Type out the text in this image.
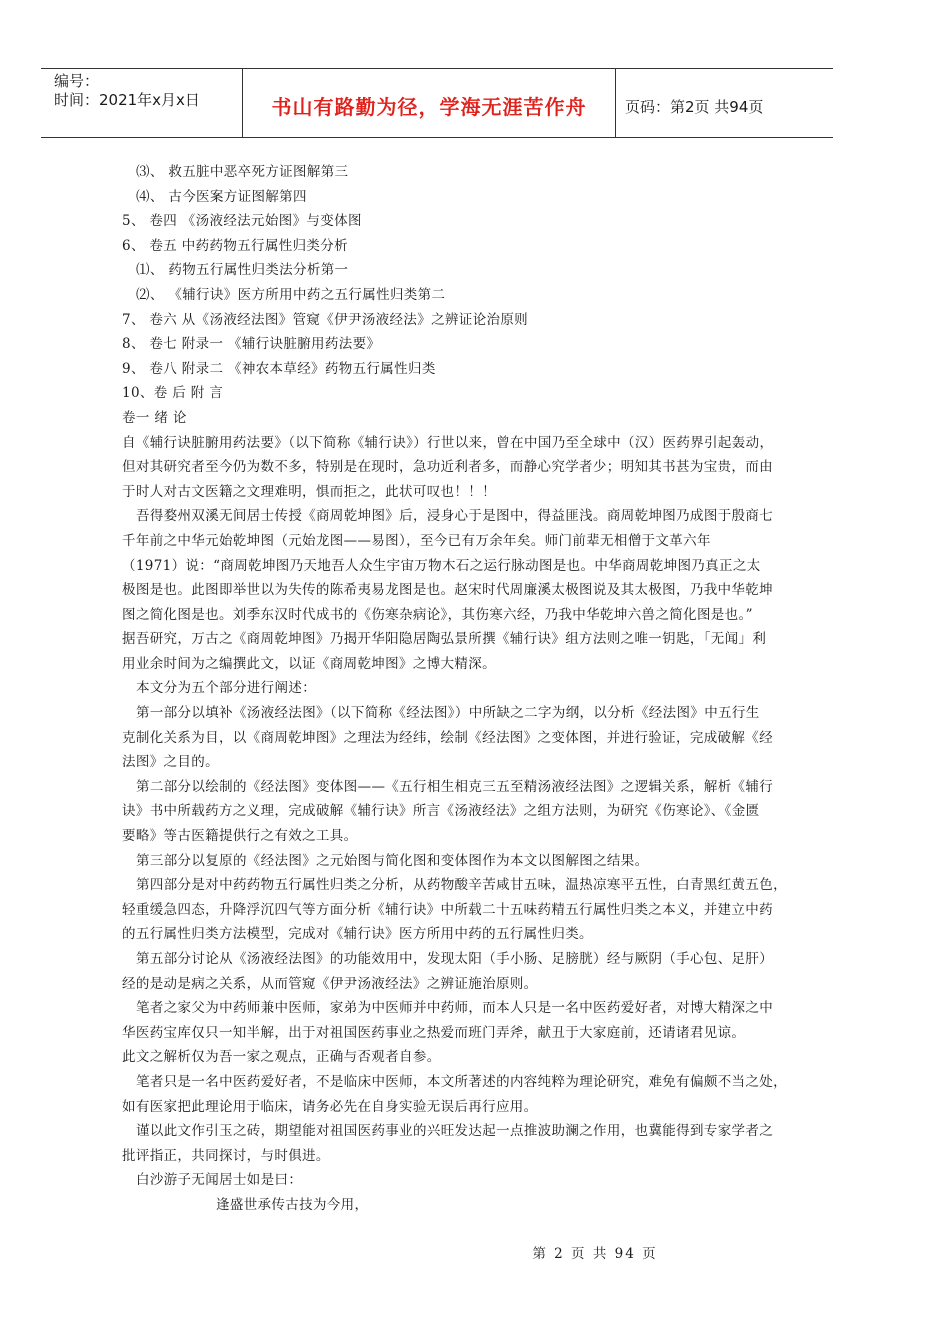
编号：
时间：2021年x月x日	书山有路勤为径，学海无涯苦作舟	页码：第2页 共94页
⑶、 救五脏中恶卒死方证图解第三
⑷、 古今医案方证图解第四
5、 卷四 《汤液经法元始图》与变体图
6、 卷五 中药药物五行属性归类分析
⑴、 药物五行属性归类法分析第一
⑵、 《辅行诀》医方所用中药之五行属性归类第二
7、 卷六 从《汤液经法图》管窥《伊尹汤液经法》之辨证论治原则
8、 卷七 附录一 《辅行诀脏腑用药法要》
9、 卷八 附录二 《神农本草经》药物五行属性归类
10、卷 后 附 言
卷一 绪 论
自《辅行诀脏腑用药法要》（以下简称《辅行诀》）行世以来，曾在中国乃至全球中（汉）医药界引起轰动，
但对其研究者至今仍为数不多，特别是在现时，急功近利者多，而静心究学者少；明知其书甚为宝贵，而由
于时人对古文医籍之文理难明，惧而拒之，此状可叹也！！！
吾得婺州双溪无间居士传授《商周乾坤图》后，浸身心于是图中，得益匪浅。商周乾坤图乃成图于殷商七
千年前之中华元始乾坤图（元始龙图——易图），至今已有万余年矣。师门前辈无相僧于文革六年
（1971）说：“商周乾坤图乃天地吾人众生宇宙万物木石之运行脉动图是也。中华商周乾坤图乃真正之太
极图是也。此图即举世以为失传的陈希夷易龙图是也。赵宋时代周廉溪太极图说及其太极图，乃我中华乾坤
图之简化图是也。刘季东汉时代成书的《伤寒杂病论》，其伤寒六经，乃我中华乾坤六兽之简化图是也。”
据吾研究，万古之《商周乾坤图》乃揭开华阳隐居陶弘景所撰《辅行诀》组方法则之唯一钥匙，「无闻」利
用业余时间为之编撰此文，以证《商周乾坤图》之博大精深。
本文分为五个部分进行阐述：
第一部分以填补《汤液经法图》（以下简称《经法图》）中所缺之二字为纲，以分析《经法图》中五行生
克制化关系为目，以《商周乾坤图》之理法为经纬，绘制《经法图》之变体图，并进行验证，完成破解《经
法图》之目的。
第二部分以绘制的《经法图》变体图——《五行相生相克三五至精汤液经法图》之逻辑关系，解析《辅行
诀》书中所载药方之义理，完成破解《辅行诀》所言《汤液经法》之组方法则，为研究《伤寒论》、《金匮
要略》等古医籍提供行之有效之工具。
第三部分以复原的《经法图》之元始图与简化图和变体图作为本文以图解图之结果。
第四部分是对中药药物五行属性归类之分析，从药物酸辛苦咸甘五味，温热凉寒平五性，白青黑红黄五色，
轻重缓急四态，升降浮沉四气等方面分析《辅行诀》中所载二十五味药精五行属性归类之本义，并建立中药
的五行属性归类方法模型，完成对《辅行诀》医方所用中药的五行属性归类。
第五部分讨论从《汤液经法图》的功能效用中，发现太阳（手小肠、足膀胱）经与厥阴（手心包、足肝）
经的是动是病之关系，从而管窥《伊尹汤液经法》之辨证施治原则。
笔者之家父为中药师兼中医师，家弟为中医师并中药师，而本人只是一名中医药爱好者，对博大精深之中
华医药宝库仅只一知半解，出于对祖国医药事业之热爱而班门弄斧，献丑于大家庭前，还请诸君见谅。
此文之解析仅为吾一家之观点，正确与否观者自参。
笔者只是一名中医药爱好者，不是临床中医师，本文所著述的内容纯粹为理论研究，难免有偏颇不当之处，
如有医家把此理论用于临床，请务必先在自身实验无误后再行应用。
谨以此文作引玉之砖，期望能对祖国医药事业的兴旺发达起一点推波助澜之作用，也冀能得到专家学者之
批评指正，共同探讨，与时俱进。
白沙游子无闻居士如是曰：
逢盛世承传古技为今用，
第 2 页 共 94 页
